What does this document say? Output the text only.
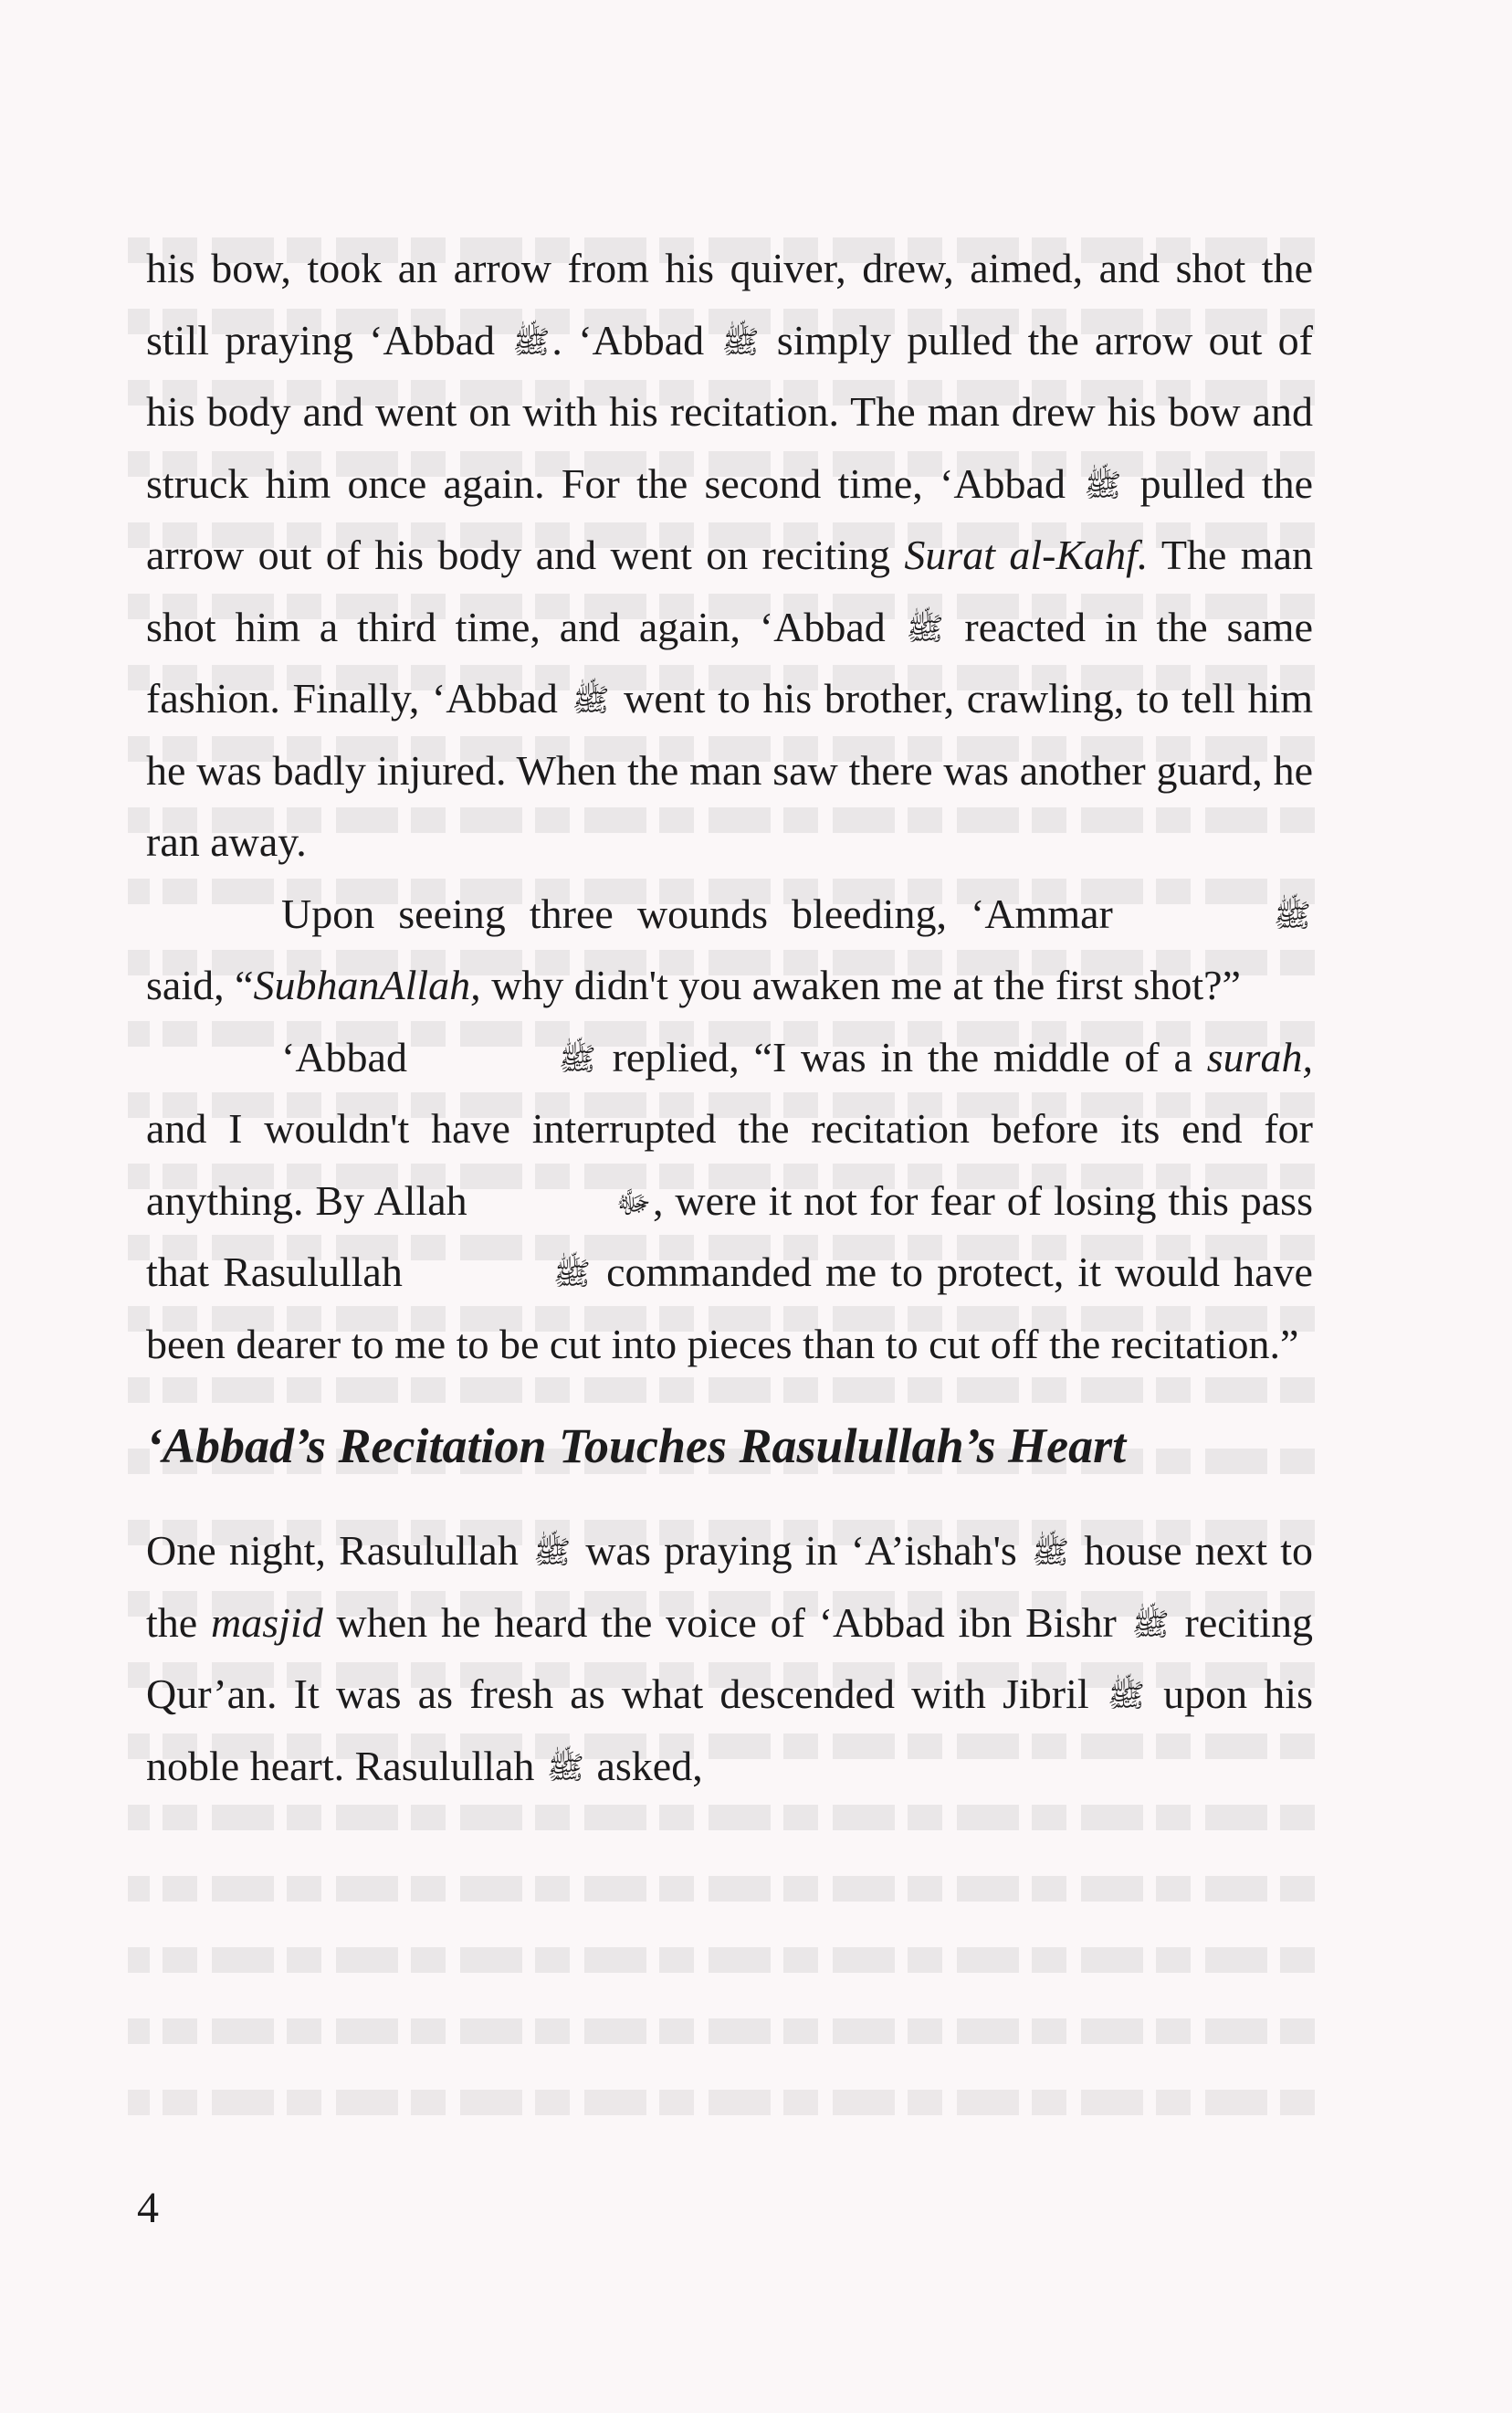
his bow, took an arrow from his quiver, drew, aimed, and shot the still praying ‘Abbad ﷺ. ‘Abbad ﷺ simply pulled the arrow out of his body and went on with his recitation. The man drew his bow and struck him once again. For the second time, ‘Abbad ﷺ pulled the arrow out of his body and went on reciting Surat al-Kahf. The man shot him a third time, and again, ‘Abbad ﷺ reacted in the same fashion. Finally, ‘Abbad ﷺ went to his brother, crawling, to tell him he was badly injured. When the man saw there was another guard, he ran away.

Upon seeing three wounds bleeding, ‘Ammar	ﷺ said, “SubhanAllah, why didn't you awaken me at the first shot?”

‘Abbad	ﷺ replied, “I was in the middle of a surah, and I wouldn't have interrupted the recitation before its end for anything. By Allah	ﷻ, were it not for fear of losing this pass that Rasulullah	ﷺ commanded me to protect, it would have been dearer to me to be cut into pieces than to cut off the recitation.”

‘Abbad’s Recitation Touches Rasulullah’s Heart

One night, Rasulullah ﷺ was praying in ‘A’ishah's ﷺ house next to the masjid when he heard the voice of ‘Abbad ibn Bishr ﷺ reciting Qur’an. It was as fresh as what descended with Jibril ﷺ upon his noble heart. Rasulullah ﷺ asked,

4
